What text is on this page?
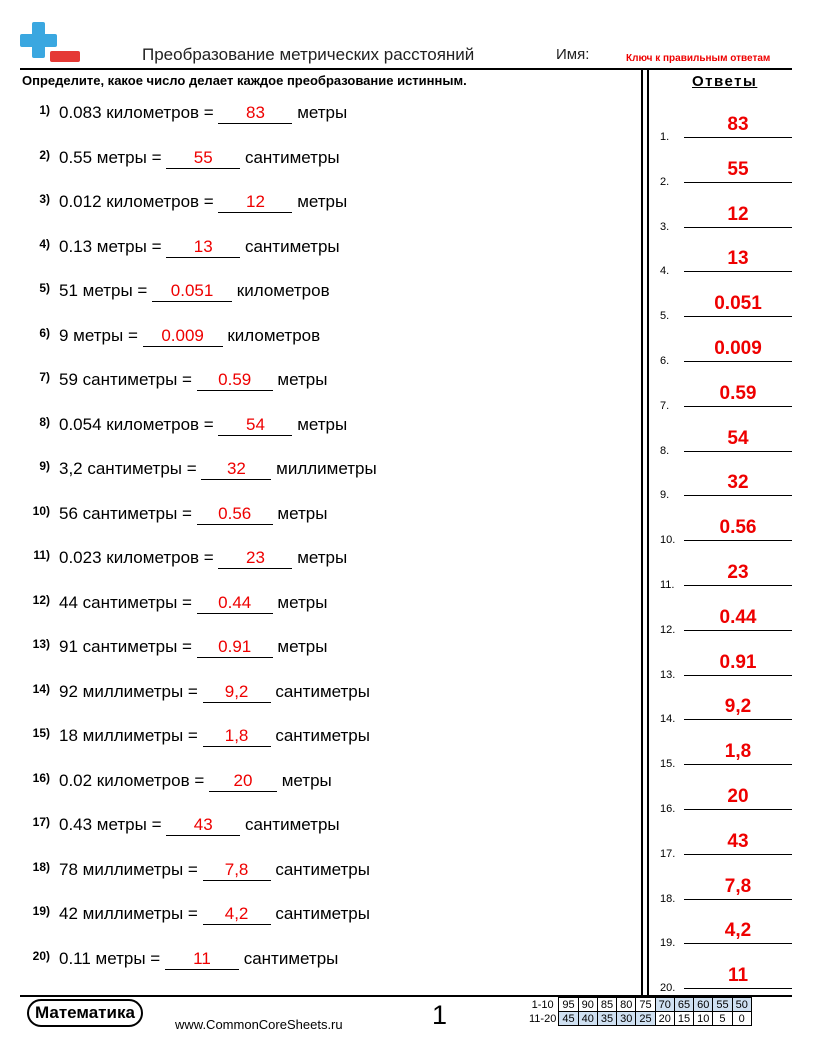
Преобразование метрических расстояний	Имя:	Ключ к правильным ответам
Определите, какое число делает каждое преобразование истинным.	Ответы
1) 0.083 километров = 83 метры
2) 0.55 метры = 55 сантиметры
3) 0.012 километров = 12 метры
4) 0.13 метры = 13 сантиметры
5) 51 метры = 0.051 километров
6) 9 метры = 0.009 километров
7) 59 сантиметры = 0.59 метры
8) 0.054 километров = 54 метры
9) 3,2 сантиметры = 32 миллиметры
10) 56 сантиметры = 0.56 метры
11) 0.023 километров = 23 метры
12) 44 сантиметры = 0.44 метры
13) 91 сантиметры = 0.91 метры
14) 92 миллиметры = 9,2 сантиметры
15) 18 миллиметры = 1,8 сантиметры
16) 0.02 километров = 20 метры
17) 0.43 метры = 43 сантиметры
18) 78 миллиметры = 7,8 сантиметры
19) 42 миллиметры = 4,2 сантиметры
20) 0.11 метры = 11 сантиметры
1.
83
2.
55
3.
12
4.
13
5.
0.051
6.
0.009
7.
0.59
8.
54
9.
32
10.
0.56
11.
23
12.
0.44
13.
0.91
14.
9,2
15.
1,8
16.
20
17.
43
18.
7,8
19.
4,2
20.
11
Математика
www.CommonCoreSheets.ru	1	1-10	95	90	85	80	75	70	65	60	55	50
11-20	45	40	35	30	25	20	15	10	5	0
